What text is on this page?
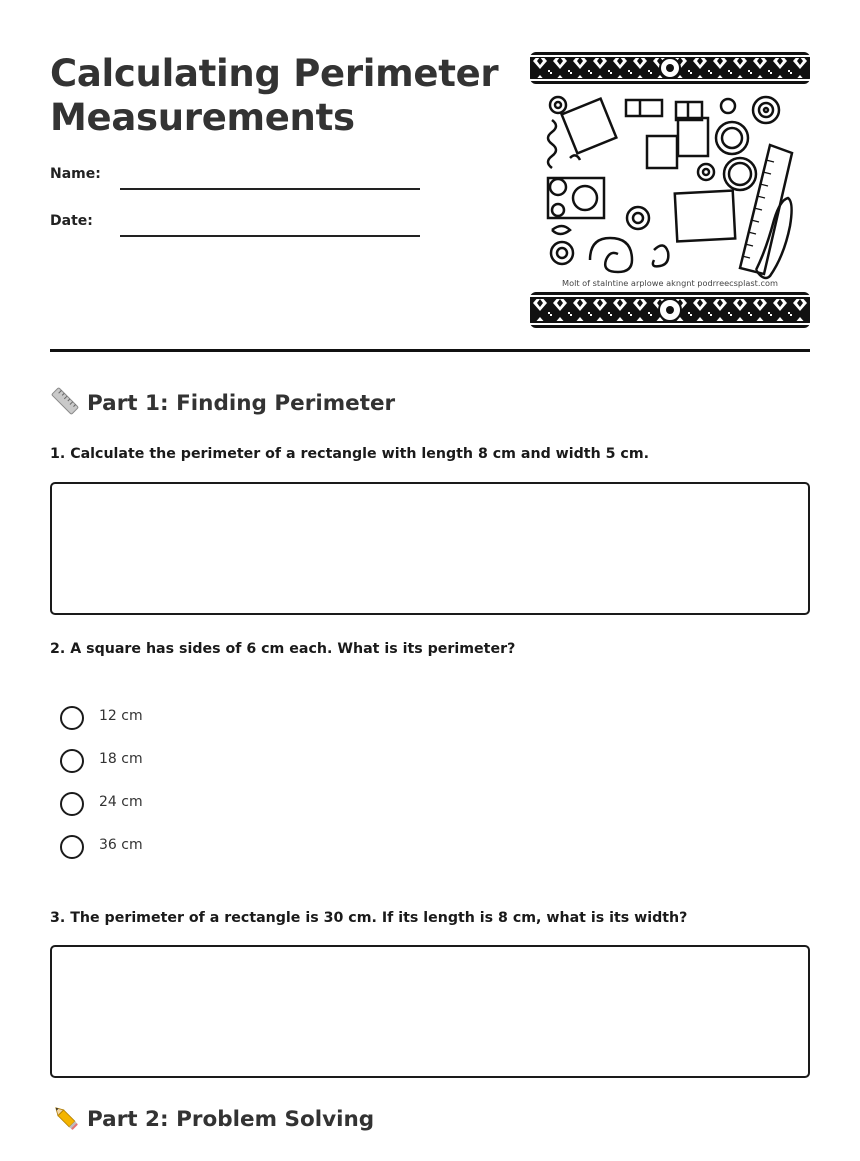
Calculating Perimeter
Measurements
Name:
Date:
Molt of stalntine arplowe akngnt podrreecsplast.com
Part 1: Finding Perimeter
1. Calculate the perimeter of a rectangle with length 8 cm and width 5 cm.
2. A square has sides of 6 cm each. What is its perimeter?
12 cm
18 cm
24 cm
36 cm
3. The perimeter of a rectangle is 30 cm. If its length is 8 cm, what is its width?
Part 2: Problem Solving
